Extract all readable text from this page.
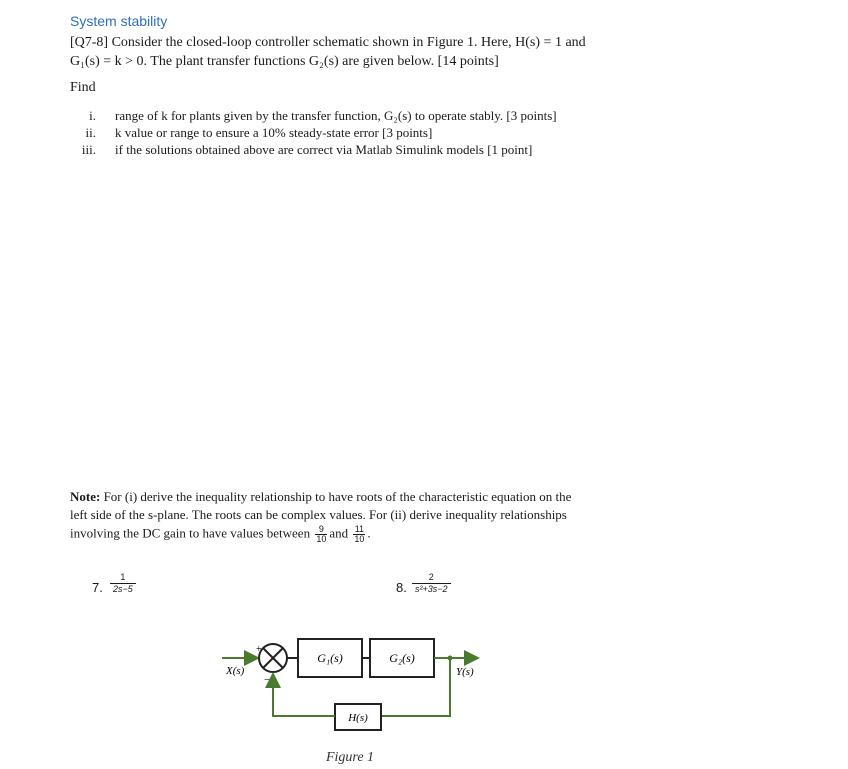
System stability
[Q7-8] Consider the closed-loop controller schematic shown in Figure 1. Here, H(s) = 1 and
G₁(s) = k > 0. The plant transfer functions G₂(s) are given below. [14 points]
Find
i. range of k for plants given by the transfer function, G₂(s) to operate stably. [3 points]
ii. k value or range to ensure a 10% steady-state error [3 points]
iii. if the solutions obtained above are correct via Matlab Simulink models [1 point]
Note: For (i) derive the inequality relationship to have roots of the characteristic equation on the
left side of the s-plane. The roots can be complex values. For (ii) derive inequality relationships
involving the DC gain to have values between $\frac{9}{10}$ and $\frac{11}{10}$ .
7. $\frac{1}{2s-5}$	8. $\frac{2}{\text{s²+3s−2}}$
+
−
G₁(s)	G₂(s)
H(s)
X(s)	Y(s)
Figure 1
